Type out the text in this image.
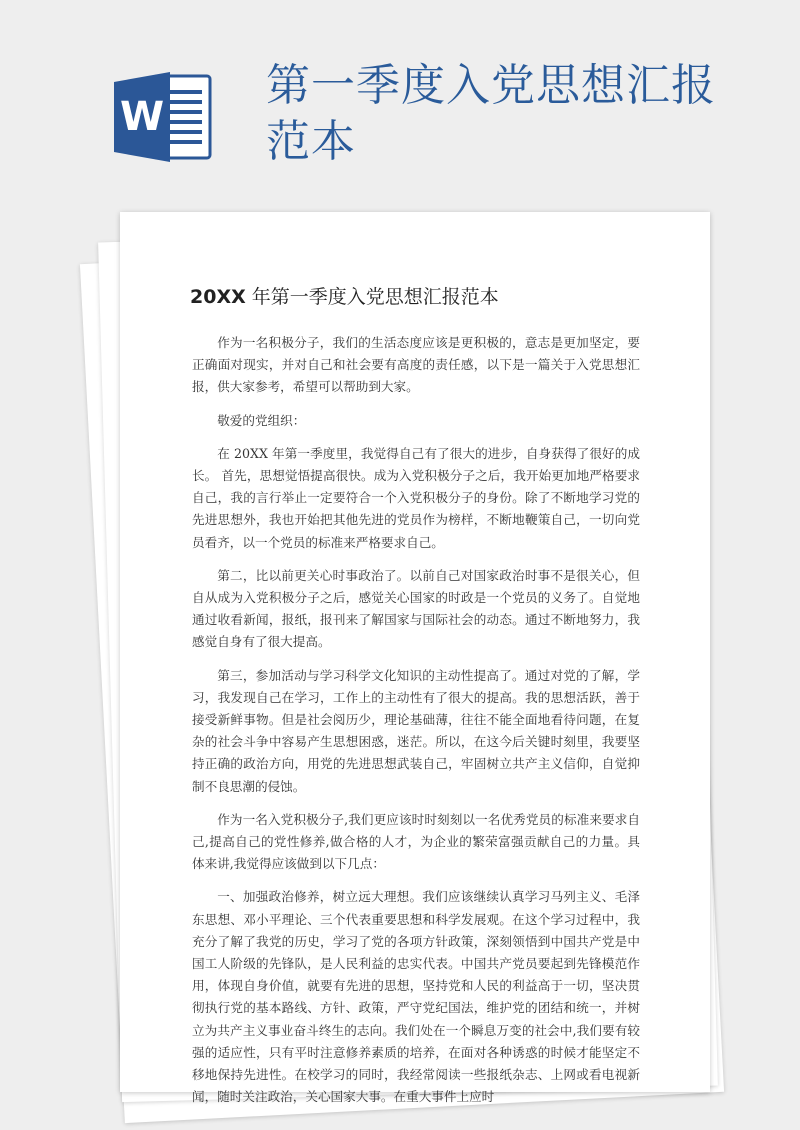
W
第一季度入党思想汇报
范本
20XX 年第一季度入党思想汇报范本

作为一名积极分子，我们的生活态度应该是更积极的，意志是更加坚定，要正确面对现实，并对自己和社会要有高度的责任感，以下是一篇关于入党思想汇报，供大家参考，希望可以帮助到大家。

敬爱的党组织：

在 20XX 年第一季度里，我觉得自己有了很大的进步，自身获得了很好的成长。 首先，思想觉悟提高很快。成为入党积极分子之后，我开始更加地严格要求自己，我的言行举止一定要符合一个入党积极分子的身份。除了不断地学习党的先进思想外，我也开始把其他先进的党员作为榜样，不断地鞭策自己，一切向党员看齐，以一个党员的标准来严格要求自己。

第二，比以前更关心时事政治了。以前自己对国家政治时事不是很关心，但自从成为入党积极分子之后，感觉关心国家的时政是一个党员的义务了。自觉地通过收看新闻，报纸，报刊来了解国家与国际社会的动态。通过不断地努力，我感觉自身有了很大提高。

第三，参加活动与学习科学文化知识的主动性提高了。通过对党的了解，学习，我发现自己在学习，工作上的主动性有了很大的提高。我的思想活跃，善于接受新鲜事物。但是社会阅历少，理论基础薄，往往不能全面地看待问题，在复杂的社会斗争中容易产生思想困惑，迷茫。所以，在这今后关键时刻里，我要坚持正确的政治方向，用党的先进思想武装自己，牢固树立共产主义信仰，自觉抑制不良思潮的侵蚀。

作为一名入党积极分子,我们更应该时时刻刻以一名优秀党员的标准来要求自己,提高自己的党性修养,做合格的人才，为企业的繁荣富强贡献自己的力量。具体来讲,我觉得应该做到以下几点：

一、加强政治修养，树立远大理想。我们应该继续认真学习马列主义、毛泽东思想、邓小平理论、三个代表重要思想和科学发展观。在这个学习过程中，我充分了解了我党的历史，学习了党的各项方针政策，深刻领悟到中国共产党是中国工人阶级的先锋队，是人民利益的忠实代表。中国共产党员要起到先锋模范作用，体现自身价值，就要有先进的思想，坚持党和人民的利益高于一切，坚决贯彻执行党的基本路线、方针、政策，严守党纪国法，维护党的团结和统一，并树立为共产主义事业奋斗终生的志向。我们处在一个瞬息万变的社会中,我们要有较强的适应性，只有平时注意修养素质的培养，在面对各种诱惑的时候才能坚定不移地保持先进性。在校学习的同时，我经常阅读一些报纸杂志、上网或看电视新闻，随时关注政治，关心国家大事。在重大事件上应时
